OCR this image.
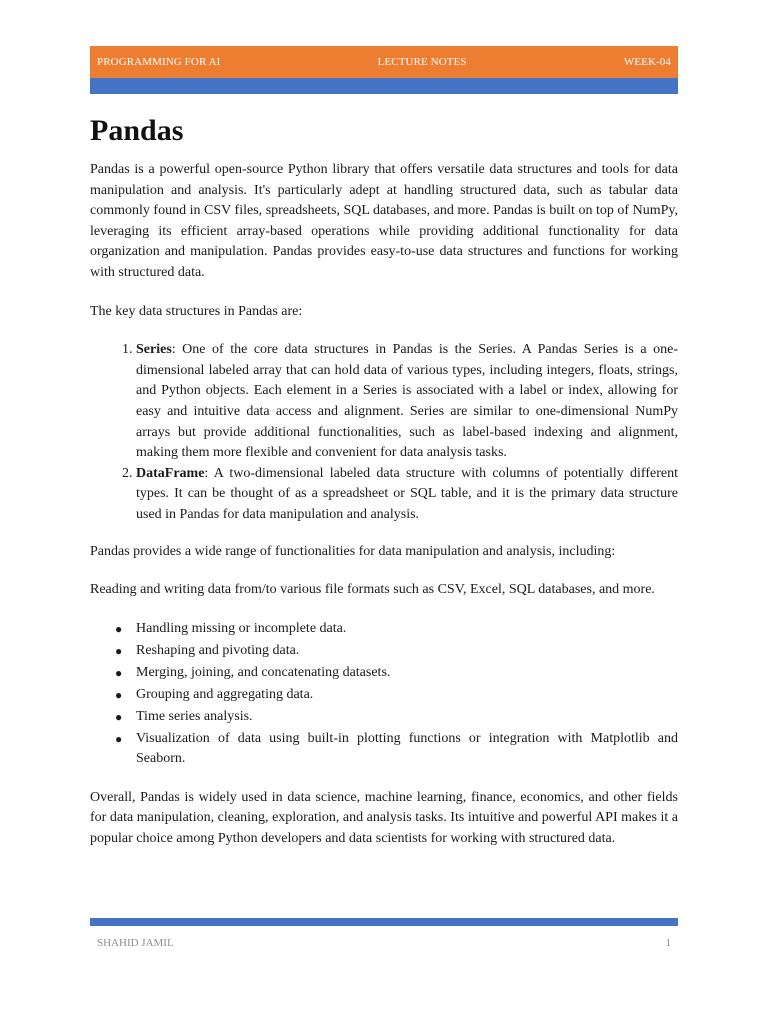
PROGRAMMING FOR AI	LECTURE NOTES	WEEK-04
Pandas

Pandas is a powerful open-source Python library that offers versatile data structures and tools for data manipulation and analysis. It's particularly adept at handling structured data, such as tabular data commonly found in CSV files, spreadsheets, SQL databases, and more. Pandas is built on top of NumPy, leveraging its efficient array-based operations while providing additional functionality for data organization and manipulation. Pandas provides easy-to-use data structures and functions for working with structured data.

The key data structures in Pandas are:

1. Series: One of the core data structures in Pandas is the Series. A Pandas Series is a one-dimensional labeled array that can hold data of various types, including integers, floats, strings, and Python objects. Each element in a Series is associated with a label or index, allowing for easy and intuitive data access and alignment. Series are similar to one-dimensional NumPy arrays but provide additional functionalities, such as label-based indexing and alignment, making them more flexible and convenient for data analysis tasks.
2. DataFrame: A two-dimensional labeled data structure with columns of potentially different types. It can be thought of as a spreadsheet or SQL table, and it is the primary data structure used in Pandas for data manipulation and analysis.

Pandas provides a wide range of functionalities for data manipulation and analysis, including:

Reading and writing data from/to various file formats such as CSV, Excel, SQL databases, and more.

● Handling missing or incomplete data.
● Reshaping and pivoting data.
● Merging, joining, and concatenating datasets.
● Grouping and aggregating data.
● Time series analysis.
● Visualization of data using built-in plotting functions or integration with Matplotlib and Seaborn.

Overall, Pandas is widely used in data science, machine learning, finance, economics, and other fields for data manipulation, cleaning, exploration, and analysis tasks. Its intuitive and powerful API makes it a popular choice among Python developers and data scientists for working with structured data.

SHAHID JAMIL	1
